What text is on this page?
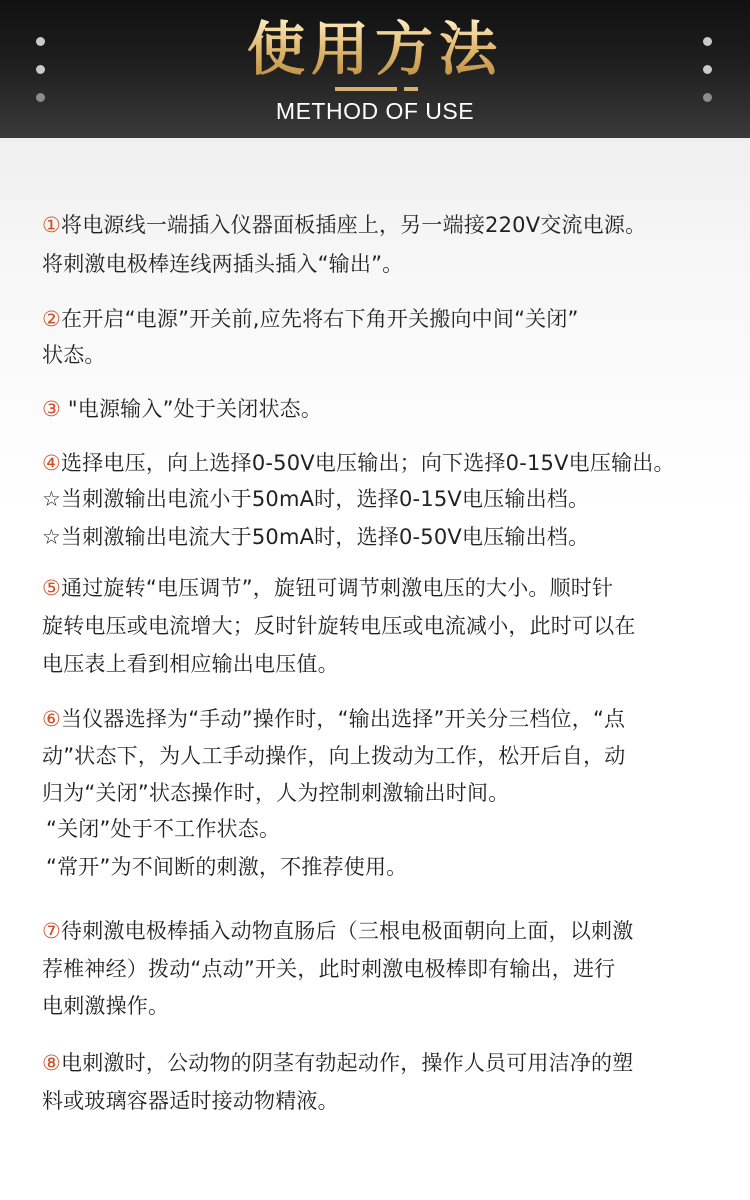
使用方法
METHOD OF USE
①将电源线一端插入仪器面板插座上，另一端接220V交流电源。
将刺激电极棒连线两插头插入“输出”。
②在开启“电源”开关前,应先将右下角开关搬向中间“关闭”
状态。
③ "电源输入”处于关闭状态。
④选择电压，向上选择0-50V电压输出；向下选择0-15V电压输出。
☆当刺激输出电流小于50mA时，选择0-15V电压输出档。
☆当刺激输出电流大于50mA时，选择0-50V电压输出档。
⑤通过旋转“电压调节”，旋钮可调节刺激电压的大小。顺时针
旋转电压或电流增大；反时针旋转电压或电流减小，此时可以在
电压表上看到相应输出电压值。
⑥当仪器选择为“手动”操作时，“输出选择”开关分三档位，“点
动”状态下，为人工手动操作，向上拨动为工作，松开后自，动
归为“关闭”状态操作时，人为控制刺激输出时间。
“关闭”处于不工作状态。
“常开”为不间断的刺激，不推荐使用。
⑦待刺激电极棒插入动物直肠后（三根电极面朝向上面，以刺激
荐椎神经）拨动“点动”开关，此时刺激电极棒即有输出，进行
电刺激操作。
⑧电刺激时，公动物的阴茎有勃起动作，操作人员可用洁净的塑
料或玻璃容器适时接动物精液。
